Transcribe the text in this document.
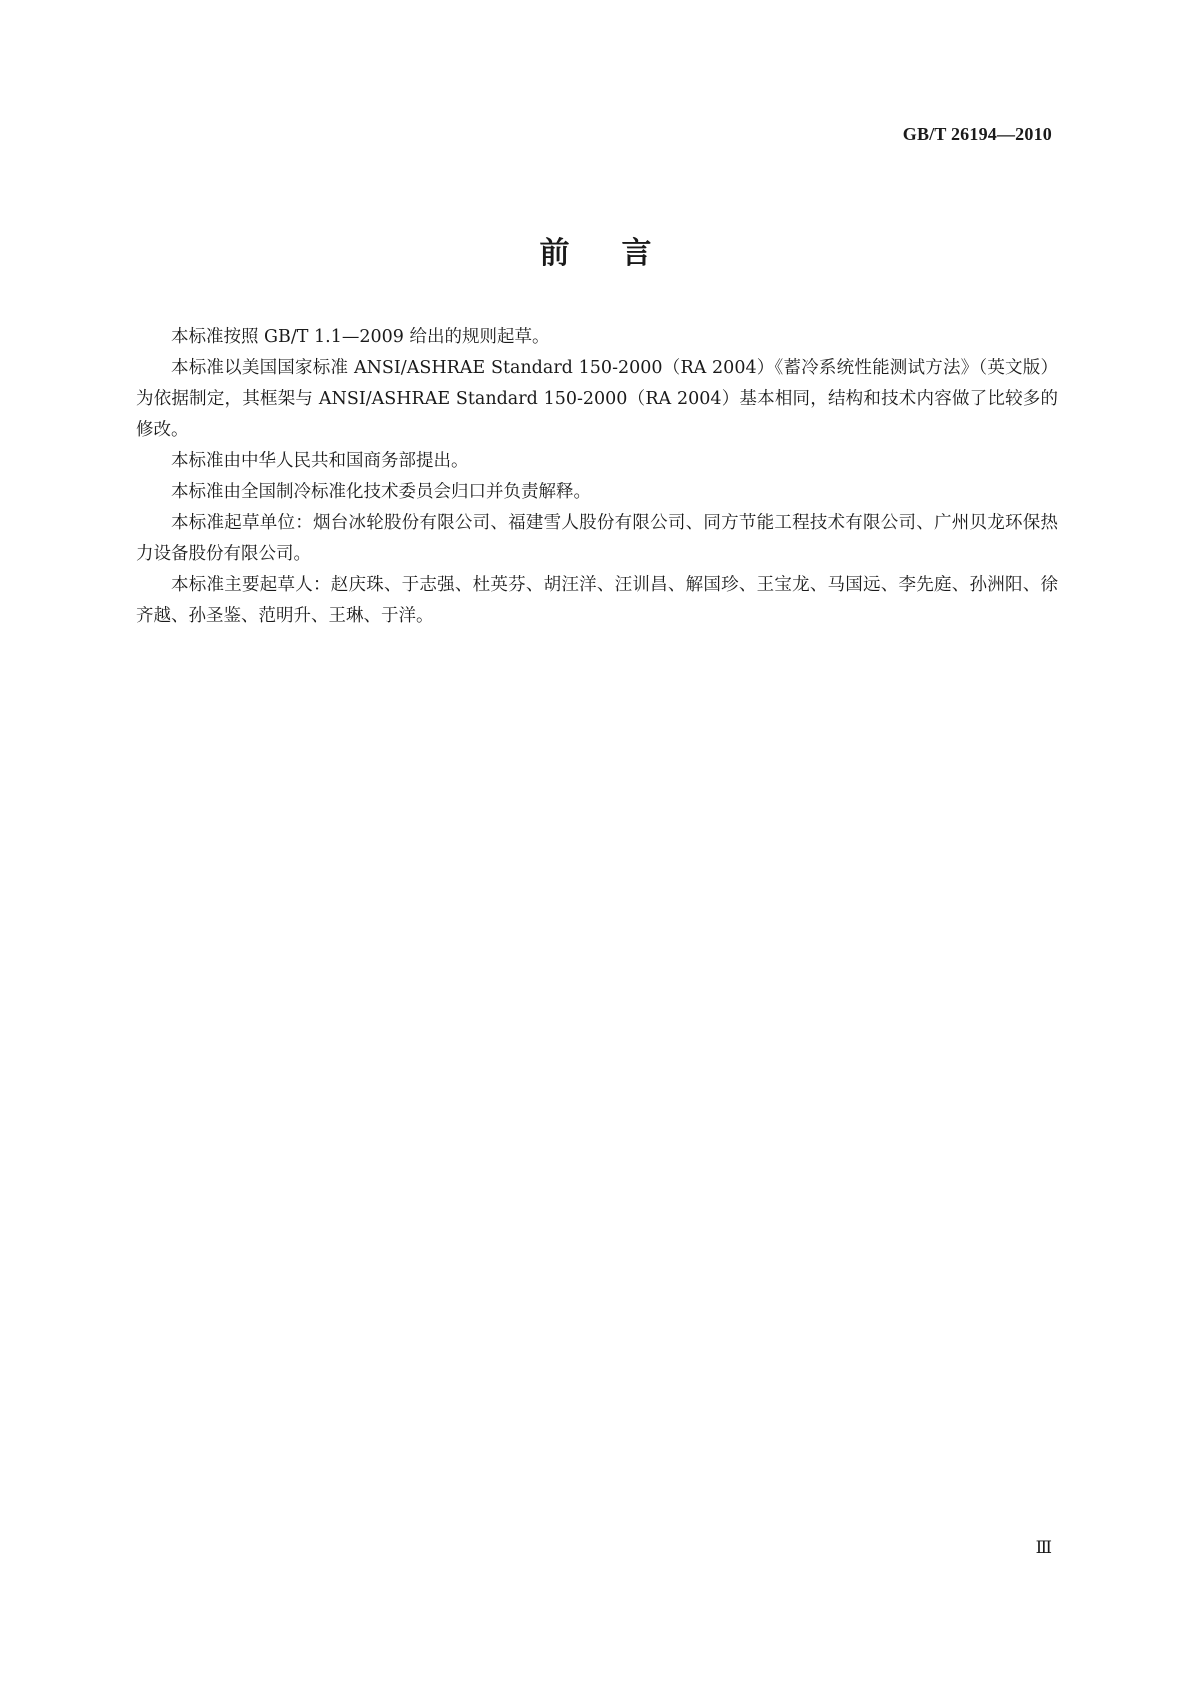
GB/T 26194—2010
前言

本标准按照 GB/T 1.1—2009 给出的规则起草。

本标准以美国国家标准 ANSI/ASHRAE Standard 150-2000（RA 2004）《蓄冷系统性能测试方法》（英文版）为依据制定，其框架与 ANSI/ASHRAE Standard 150-2000（RA 2004）基本相同，结构和技术内容做了比较多的修改。

本标准由中华人民共和国商务部提出。

本标准由全国制冷标准化技术委员会归口并负责解释。

本标准起草单位：烟台冰轮股份有限公司、福建雪人股份有限公司、同方节能工程技术有限公司、广州贝龙环保热力设备股份有限公司。

本标准主要起草人：赵庆珠、于志强、杜英芬、胡汪洋、汪训昌、解国珍、王宝龙、马国远、李先庭、孙洲阳、徐齐越、孙圣鉴、范明升、王琳、于洋。

Ⅲ
